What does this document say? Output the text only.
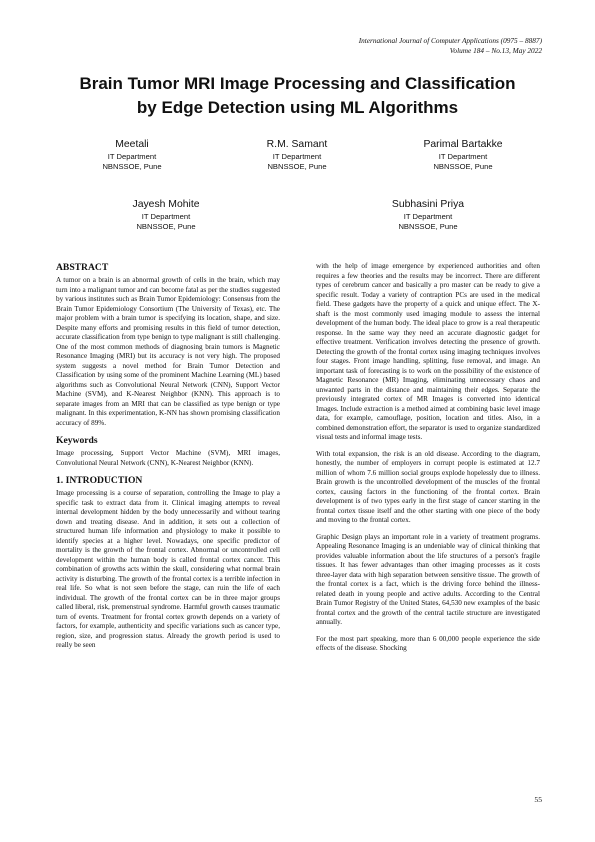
International Journal of Computer Applications (0975 – 8887)
Volume 184 – No.13, May 2022
Brain Tumor MRI Image Processing and Classification
by Edge Detection using ML Algorithms
Meetali
IT Department
NBNSSOE, Pune
R.M. Samant
IT Department
NBNSSOE, Pune
Parimal Bartakke
IT Department
NBNSSOE, Pune
Jayesh Mohite
IT Department
NBNSSOE, Pune
Subhasini Priya
IT Department
NBNSSOE, Pune
ABSTRACT

A tumor on a brain is an abnormal growth of cells in the brain, which may turn into a malignant tumor and can become fatal as per the studies suggested by various institutes such as Brain Tumor Epidemiology: Consensus from the Brain Tumor Epidemiology Consortium (The University of Texas), etc. The major problem with a brain tumor is specifying its location, shape, and size. Despite many efforts and promising results in this field of tumor detection, accurate classification from type benign to type malignant is still challenging. One of the most common methods of diagnosing brain tumors is Magnetic Resonance Imaging (MRI) but its accuracy is not very high. The proposed system suggests a novel method for Brain Tumor Detection and Classification by using some of the prominent Machine Learning (ML) based algorithms such as Convolutional Neural Network (CNN), Support Vector Machine (SVM), and K-Nearest Neighbor (KNN). This approach is to separate images from an MRI that can be classified as type benign or type malignant. In this experimentation, K-NN has shown promising classification accuracy of 89%.

Keywords

Image processing, Support Vector Machine (SVM), MRI images, Convolutional Neural Network (CNN), K-Nearest Neighbor (KNN).

1. INTRODUCTION

Image processing is a course of separation, controlling the Image to play a specific task to extract data from it. Clinical imaging attempts to reveal internal development hidden by the body unnecessarily and without tearing down and treating disease. And in addition, it sets out a collection of structured human life information and physiology to make it possible to identify species at a higher level. Nowadays, one specific predictor of mortality is the growth of the frontal cortex. Abnormal or uncontrolled cell development within the human body is called frontal cortex cancer. This combination of growths acts within the skull, considering what normal brain activity is disturbing. The growth of the frontal cortex is a terrible infection in real life. So what is not seen before the stage, can ruin the life of each individual. The growth of the frontal cortex can be in three major groups called liberal, risk, premenstrual syndrome. Harmful growth causes traumatic turn of events. Treatment for frontal cortex growth depends on a variety of factors, for example, authenticity and specific variations such as cancer type, region, size, and progression status. Already the growth period is used to really be seen

with the help of image emergence by experienced authorities and often requires a few theories and the results may be incorrect. There are different types of cerebrum cancer and basically a pro master can be ready to give a specific result. Today a variety of contraption PCs are used in the medical field. These gadgets have the property of a quick and unique effect. The X-shaft is the most commonly used imaging module to assess the internal development of the human body. The ideal place to grow is a real therapeutic response. In the same way they need an accurate diagnostic gadget for effective treatment. Verification involves detecting the presence of growth. Detecting the growth of the frontal cortex using imaging techniques involves four stages. Front image handling, splitting, fuse removal, and image. An important task of forecasting is to work on the possibility of the existence of Magnetic Resonance (MR) Imaging, eliminating unnecessary chaos and unwanted parts in the distance and maintaining their edges. Separate the previously integrated cortex of MR Images is converted into identical Images. Include extraction is a method aimed at combining basic level image data, for example, camouflage, position, location and titles. Also, in a combined demonstration effort, the separator is used to organize standardized visual tests and informal image tests.

With total expansion, the risk is an old disease. According to the diagram, honestly, the number of employers in corrupt people is estimated at 12.7 million of whom 7.6 million social groups explode hopelessly due to illness. Brain growth is the uncontrolled development of the muscles of the frontal cortex, causing factors in the functioning of the frontal cortex. Brain development is of two types early in the first stage of cancer starting in the frontal cortex tissue itself and the other starting with one piece of the body and moving to the frontal cortex.

Graphic Design plays an important role in a variety of treatment programs. Appealing Resonance Imaging is an undeniable way of clinical thinking that provides valuable information about the life structures of a person's fragile tissues. It has fewer advantages than other imaging processes as it costs three-layer data with high separation between sensitive tissue. The growth of the frontal cortex is a fact, which is the driving force behind the illness-related death in young people and active adults. According to the Central Brain Tumor Registry of the United States, 64,530 new examples of the basic frontal cortex and the growth of the central tactile structure are investigated annually.

For the most part speaking, more than 6 00,000 people experience the side effects of the disease. Shocking

55
